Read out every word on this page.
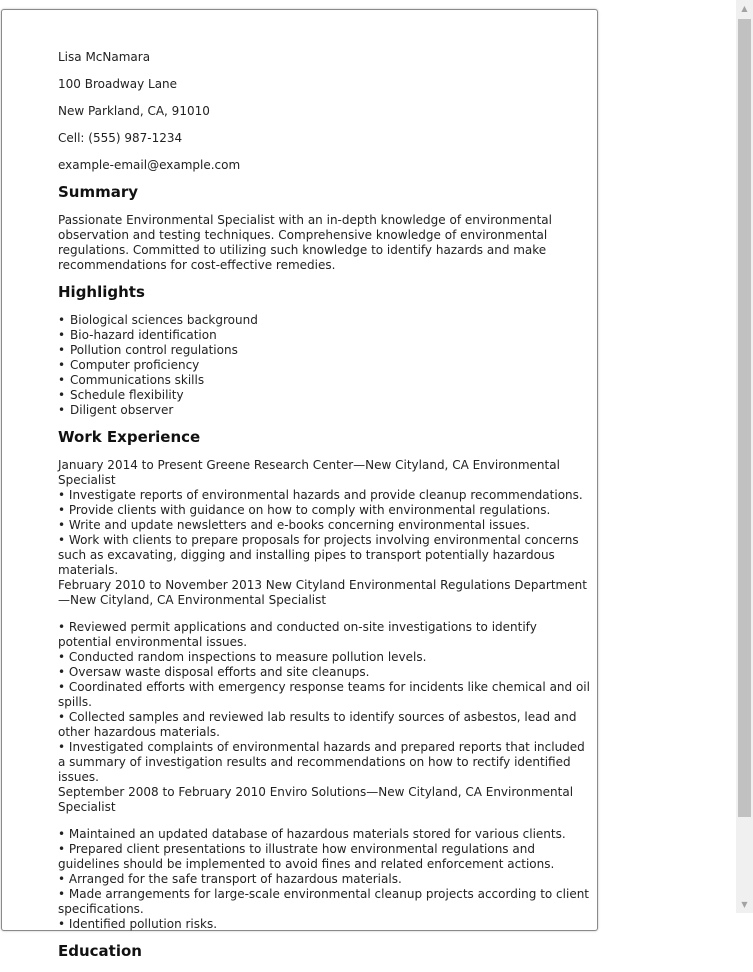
Lisa McNamara

100 Broadway Lane

New Parkland, CA, 91010

Cell: (555) 987-1234

example-email@example.com

Summary

Passionate Environmental Specialist with an in-depth knowledge of environmental observation and testing techniques. Comprehensive knowledge of environmental regulations. Committed to utilizing such knowledge to identify hazards and make recommendations for cost-effective remedies.

Highlights
• Biological sciences background
• Bio-hazard identification
• Pollution control regulations
• Computer proficiency
• Communications skills
• Schedule flexibility
• Diligent observer
Work Experience

January 2014 to Present Greene Research Center—New Cityland, CA Environmental Specialist

• Investigate reports of environmental hazards and provide cleanup recommendations.

• Provide clients with guidance on how to comply with environmental regulations.

• Write and update newsletters and e-books concerning environmental issues.

• Work with clients to prepare proposals for projects involving environmental concerns such as excavating, digging and installing pipes to transport potentially hazardous materials.

February 2010 to November 2013 New Cityland Environmental Regulations Department—New Cityland, CA Environmental Specialist

• Reviewed permit applications and conducted on-site investigations to identify potential environmental issues.

• Conducted random inspections to measure pollution levels.

• Oversaw waste disposal efforts and site cleanups.

• Coordinated efforts with emergency response teams for incidents like chemical and oil spills.

• Collected samples and reviewed lab results to identify sources of asbestos, lead and other hazardous materials.

• Investigated complaints of environmental hazards and prepared reports that included a summary of investigation results and recommendations on how to rectify identified issues.

September 2008 to February 2010 Enviro Solutions—New Cityland, CA Environmental Specialist

• Maintained an updated database of hazardous materials stored for various clients.

• Prepared client presentations to illustrate how environmental regulations and guidelines should be implemented to avoid fines and related enforcement actions.

• Arranged for the safe transport of hazardous materials.

• Made arrangements for large-scale environmental cleanup projects according to client specifications.

• Identified pollution risks.

Education
▲
▼
